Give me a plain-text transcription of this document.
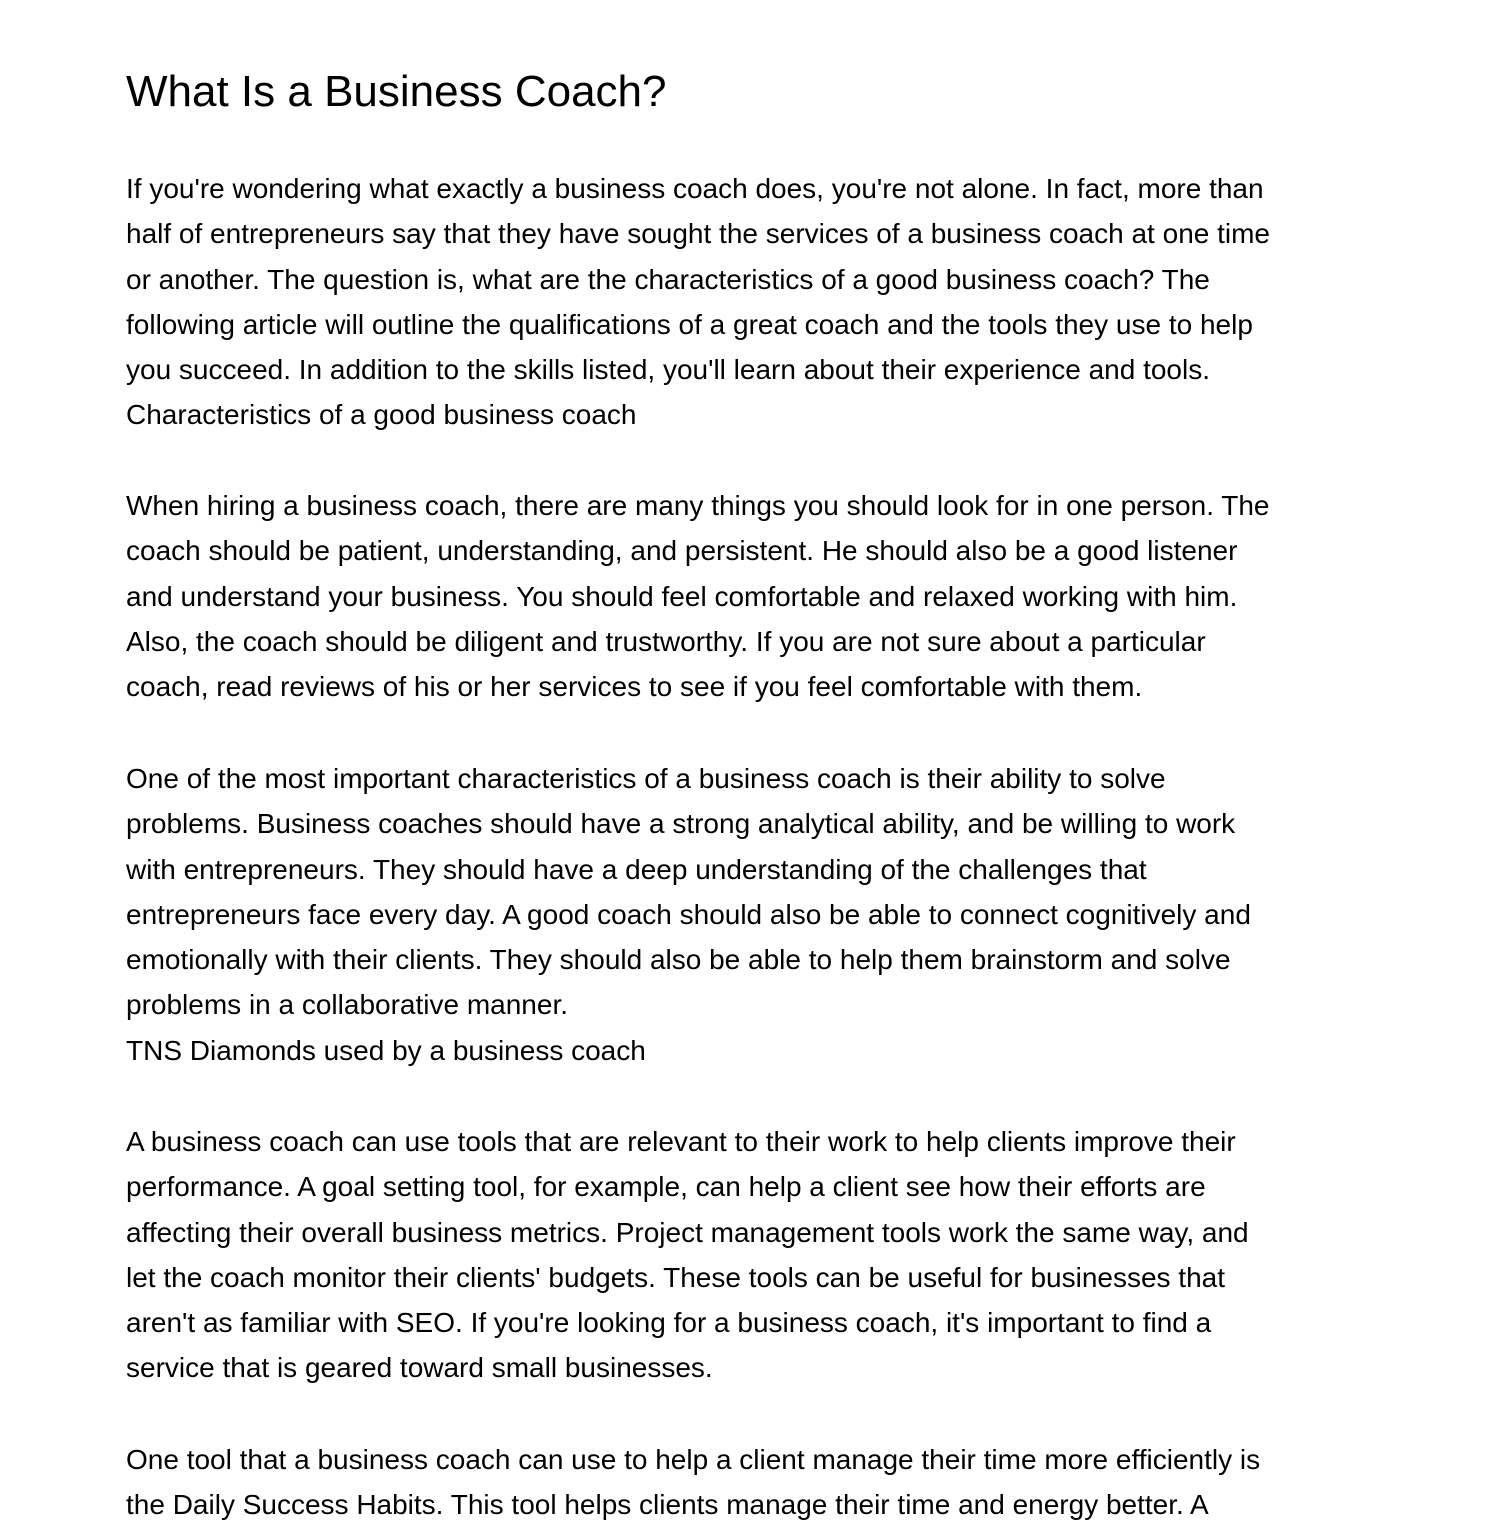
What Is a Business Coach?
If you're wondering what exactly a business coach does, you're not alone. In fact, more than
half of entrepreneurs say that they have sought the services of a business coach at one time
or another. The question is, what are the characteristics of a good business coach? The
following article will outline the qualifications of a great coach and the tools they use to help
you succeed. In addition to the skills listed, you'll learn about their experience and tools.
Characteristics of a good business coach
When hiring a business coach, there are many things you should look for in one person. The
coach should be patient, understanding, and persistent. He should also be a good listener
and understand your business. You should feel comfortable and relaxed working with him.
Also, the coach should be diligent and trustworthy. If you are not sure about a particular
coach, read reviews of his or her services to see if you feel comfortable with them.
One of the most important characteristics of a business coach is their ability to solve
problems. Business coaches should have a strong analytical ability, and be willing to work
with entrepreneurs. They should have a deep understanding of the challenges that
entrepreneurs face every day. A good coach should also be able to connect cognitively and
emotionally with their clients. They should also be able to help them brainstorm and solve
problems in a collaborative manner.
TNS Diamonds used by a business coach
A business coach can use tools that are relevant to their work to help clients improve their
performance. A goal setting tool, for example, can help a client see how their efforts are
affecting their overall business metrics. Project management tools work the same way, and
let the coach monitor their clients' budgets. These tools can be useful for businesses that
aren't as familiar with SEO. If you're looking for a business coach, it's important to find a
service that is geared toward small businesses.
One tool that a business coach can use to help a client manage their time more efficiently is
the Daily Success Habits. This tool helps clients manage their time and energy better. A
